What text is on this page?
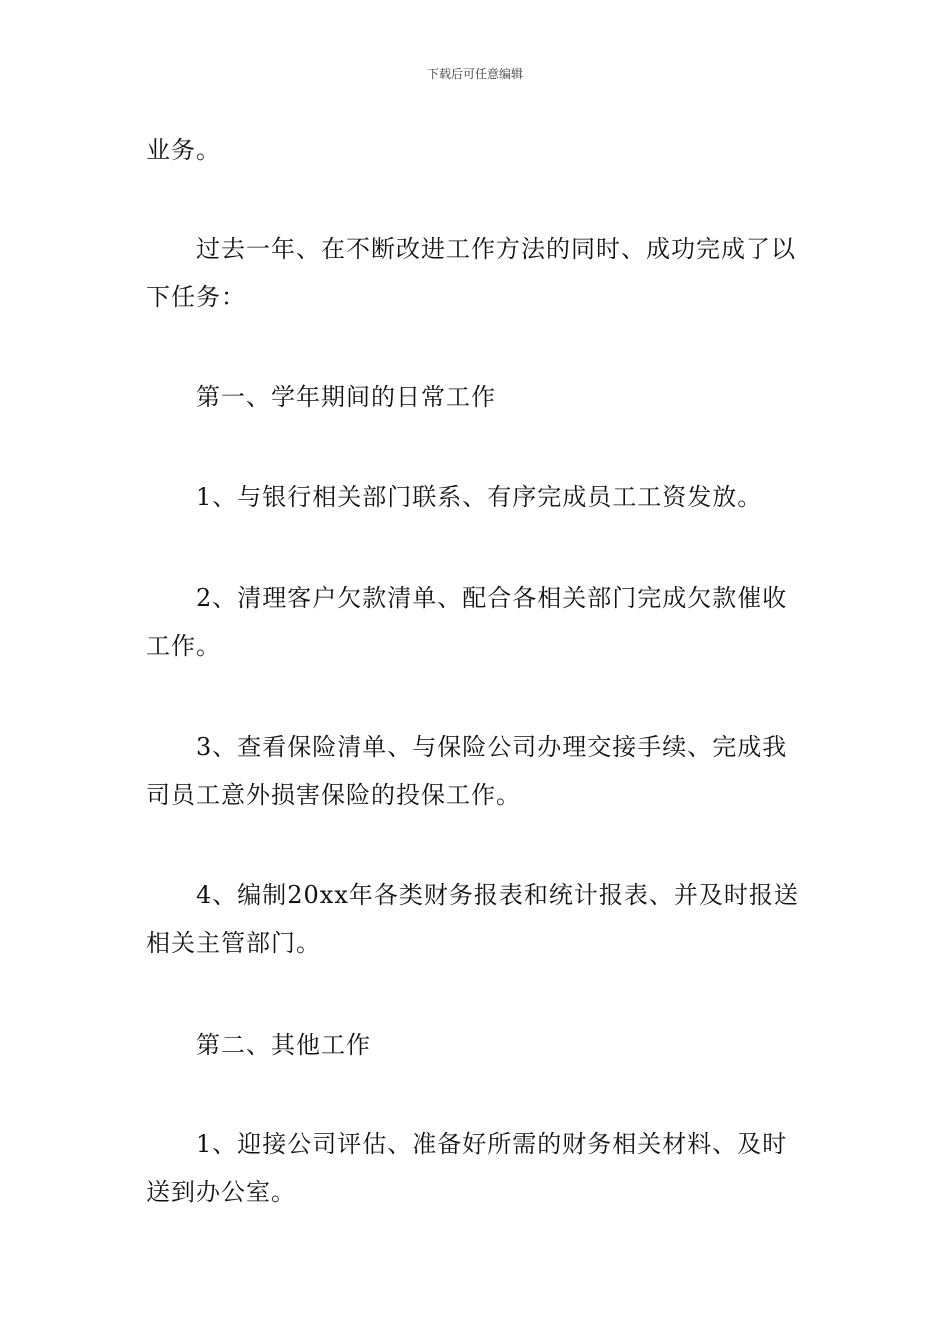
下载后可任意编辑

业务。

过去一年、在不断改进工作方法的同时、成功完成了以下任务：

第一、学年期间的日常工作

1、与银行相关部门联系、有序完成员工工资发放。

2、清理客户欠款清单、配合各相关部门完成欠款催收工作。

3、查看保险清单、与保险公司办理交接手续、完成我司员工意外损害保险的投保工作。

4、编制20xx年各类财务报表和统计报表、并及时报送相关主管部门。

第二、其他工作

1、迎接公司评估、准备好所需的财务相关材料、及时送到办公室。
